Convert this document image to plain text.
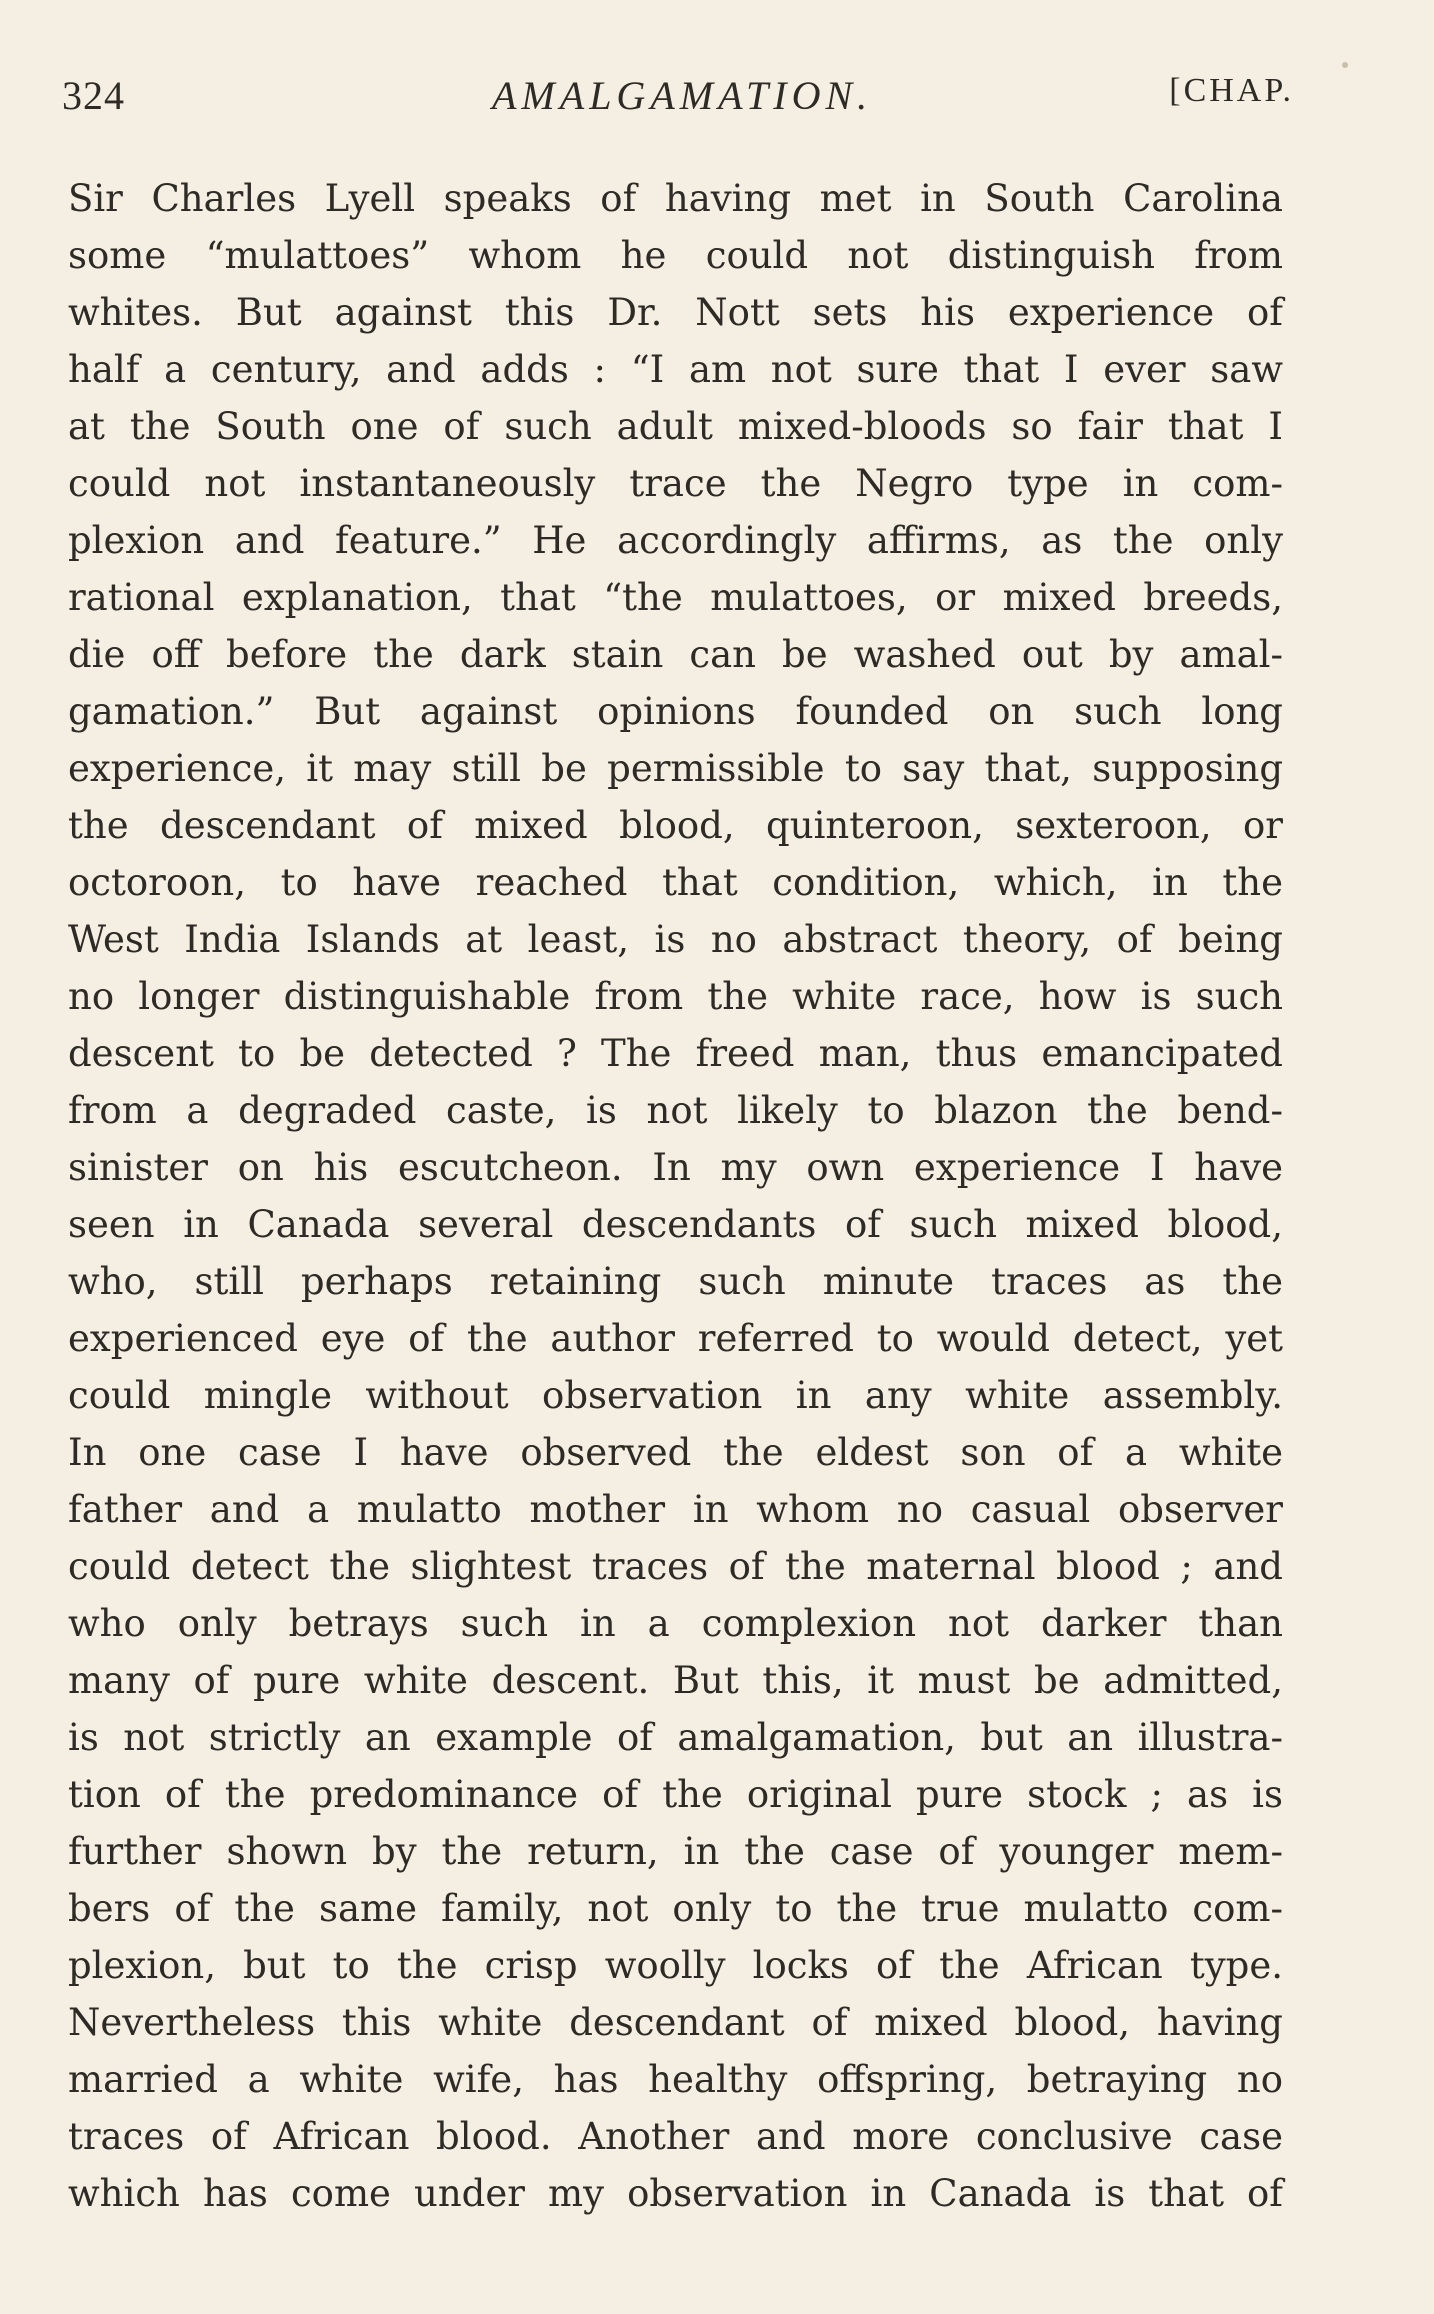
324	AMALGAMATION.	[CHAP.
Sir Charles Lyell speaks of having met in South Carolina
some “mulattoes” whom he could not distinguish from
whites. But against this Dr. Nott sets his experience of
half a century, and adds : “I am not sure that I ever saw
at the South one of such adult mixed-bloods so fair that I
could not instantaneously trace the Negro type in com-
plexion and feature.” He accordingly affirms, as the only
rational explanation, that “the mulattoes, or mixed breeds,
die off before the dark stain can be washed out by amal-
gamation.” But against opinions founded on such long
experience, it may still be permissible to say that, supposing
the descendant of mixed blood, quinteroon, sexteroon, or
octoroon, to have reached that condition, which, in the
West India Islands at least, is no abstract theory, of being
no longer distinguishable from the white race, how is such
descent to be detected ? The freed man, thus emancipated
from a degraded caste, is not likely to blazon the bend-
sinister on his escutcheon. In my own experience I have
seen in Canada several descendants of such mixed blood,
who, still perhaps retaining such minute traces as the
experienced eye of the author referred to would detect, yet
could mingle without observation in any white assembly.
In one case I have observed the eldest son of a white
father and a mulatto mother in whom no casual observer
could detect the slightest traces of the maternal blood ; and
who only betrays such in a complexion not darker than
many of pure white descent. But this, it must be admitted,
is not strictly an example of amalgamation, but an illustra-
tion of the predominance of the original pure stock ; as is
further shown by the return, in the case of younger mem-
bers of the same family, not only to the true mulatto com-
plexion, but to the crisp woolly locks of the African type.
Nevertheless this white descendant of mixed blood, having
married a white wife, has healthy offspring, betraying no
traces of African blood. Another and more conclusive case
which has come under my observation in Canada is that of
